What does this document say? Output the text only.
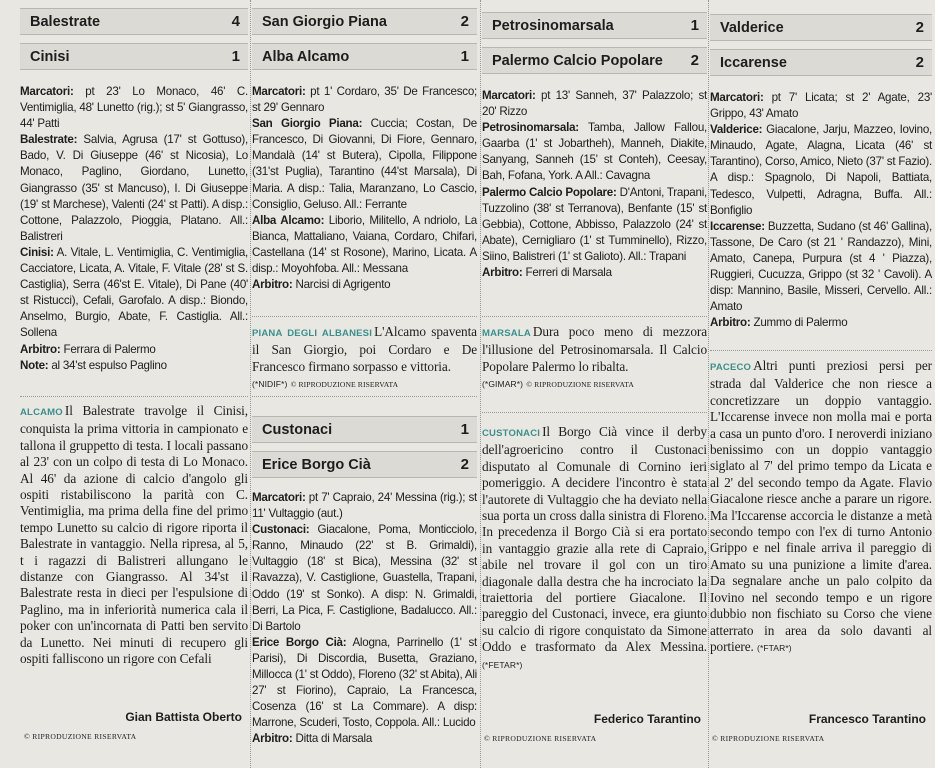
Balestrate	4
Cinisi	1

Marcatori: pt 23' Lo Monaco, 46' C. Ventimiglia, 48' Lunetto (rig.); st 5' Giangrasso, 44' Patti

Balestrate: Salvia, Agrusa (17' st Gottuso), Bado, V. Di Giuseppe (46' st Nicosia), Lo Monaco, Paglino, Giordano, Lunetto, Giangrasso (35' st Mancuso), I. Di Giuseppe (19' st Marchese), Valenti (24' st Patti). A disp.: Cottone, Palazzolo, Pioggia, Platano. All.: Balistreri

Cinisi: A. Vitale, L. Ventimiglia, C. Ventimiglia, Cacciatore, Licata, A. Vitale, F. Vitale (28' st S. Castiglia), Serra (46'st E. Vitale), Di Pane (40' st Ristucci), Cefali, Garofalo. A disp.: Biondo, Anselmo, Burgio, Abate, F. Castiglia. All.: Sollena

Arbitro: Ferrara di Palermo

Note: al 34'st espulso Paglino

ALCAMO Il Balestrate travolge il Cinisi, conquista la prima vittoria in campionato e tallona il gruppetto di testa. I locali passano al 23' con un colpo di testa di Lo Monaco. Al 46' da azione di calcio d'angolo gli ospiti ristabiliscono la parità con C. Ventimiglia, ma prima della fine del primo tempo Lunetto su calcio di rigore riporta il Balestrate in vantaggio. Nella ripresa, al 5, t i ragazzi di Balistreri allungano le distanze con Giangrasso. Al 34'st il Balestrate resta in dieci per l'espulsione di Paglino, ma in inferiorità numerica cala il poker con un'incornata di Patti ben servito da Lunetto. Nei minuti di recupero gli ospiti falliscono un rigore con Cefali

Gian Battista Oberto
© RIPRODUZIONE RISERVATA
San Giorgio Piana	2
Alba Alcamo	1

Marcatori: pt 1' Cordaro, 35' De Francesco; st 29' Gennaro

San Giorgio Piana: Cuccia; Costan, De Francesco, Di Giovanni, Di Fiore, Gennaro, Mandalà (14' st Butera), Cipolla, Filippone (31'st Puglia), Tarantino (44'st Marsala), Di Maria. A disp.: Talia, Maranzano, Lo Cascio, Consiglio, Geluso. All.: Ferrante

Alba Alcamo: Liborio, Militello, A ndriolo, La Bianca, Mattaliano, Vaiana, Cordaro, Chifari, Castellana (14' st Rosone), Marino, Licata. A disp.: Moyohfoba. All.: Messana

Arbitro: Narcisi di Agrigento

PIANA DEGLI ALBANESI L'Alcamo spaventa il San Giorgio, poi Cordaro e De Francesco firmano sorpasso e vittoria.

(*NIDIF*) © RIPRODUZIONE RISERVATA

Custonaci	1
Erice Borgo Cià	2

Marcatori: pt 7' Capraio, 24' Messina (rig.); st 11' Vultaggio (aut.)

Custonaci: Giacalone, Poma, Monticciolo, Ranno, Minaudo (22' st B. Grimaldi), Vultaggio (18' st Bica), Messina (32' st Ravazza), V. Castiglione, Guastella, Trapani, Oddo (19' st Sonko). A disp: N. Grimaldi, Berri, La Pica, F. Castiglione, Badalucco. All.: Di Bartolo

Erice Borgo Cià: Alogna, Parrinello (1' st Parisi), Di Discordia, Busetta, Graziano, Millocca (1' st Oddo), Floreno (32' st Abita), Ali 27' st Fiorino), Capraio, La Francesca, Cosenza (16' st La Commare). A disp: Marrone, Scuderi, Tosto, Coppola. All.: Lucido

Arbitro: Ditta di Marsala

Petrosinomarsala	1
Palermo Calcio Popolare 2

Marcatori: pt 13' Sanneh, 37' Palazzolo; st 20' Rizzo

Petrosinomarsala: Tamba, Jallow Fallou, Gaarba (1' st Jobartheh), Manneh, Diakite, Sanyang, Sanneh (15' st Conteh), Ceesay, Bah, Fofana, York. A All.: Cavagna

Palermo Calcio Popolare: D'Antoni, Trapani, Tuzzolino (38' st Terranova), Benfante (15' st Gebbia), Cottone, Abbisso, Palazzolo (24' st Abate), Cernigliaro (1' st Tumminello), Rizzo, Siino, Balistreri (1' st Galioto). All.: Trapani

Arbitro: Ferreri di Marsala

MARSALA Dura poco meno di mezzora l'illusione del Petrosinomarsala. Il Calcio Popolare Palermo lo ribalta.

(*GIMAR*) © RIPRODUZIONE RISERVATA

CUSTONACI Il Borgo Cià vince il derby dell'agroericino contro il Custonaci disputato al Comunale di Cornino ieri pomeriggio. A decidere l'incontro è stata l'autorete di Vultaggio che ha deviato nella sua porta un cross dalla sinistra di Floreno. In precedenza il Borgo Cià si era portato in vantaggio grazie alla rete di Capraio, abile nel trovare il gol con un tiro diagonale dalla destra che ha incrociato la traiettoria del portiere Giacalone. Il pareggio del Custonaci, invece, era giunto su calcio di rigore conquistato da Simone Oddo e trasformato da Alex Messina. (*FETAR*)

Federico Tarantino
© RIPRODUZIONE RISERVATA
Valderice	2
Iccarense	2

Marcatori: pt 7' Licata; st 2' Agate, 23' Grippo, 43' Amato

Valderice: Giacalone, Jarju, Mazzeo, Iovino, Minaudo, Agate, Alagna, Licata (46' st Tarantino), Corso, Amico, Nieto (37' st Fazio). A disp.: Spagnolo, Di Napoli, Battiata, Tedesco, Vulpetti, Adragna, Buffa. All.: Bonfiglio

Iccarense: Buzzetta, Sudano (st 46' Gallina), Tassone, De Caro (st 21 ' Randazzo), Mini, Amato, Canepa, Purpura (st 4 ' Piazza), Ruggieri, Cucuzza, Grippo (st 32 ' Cavoli). A disp: Mannino, Basile, Misseri, Cervello. All.: Amato

Arbitro: Zummo di Palermo

PACECO Altri punti preziosi persi per strada dal Valderice che non riesce a concretizzare un doppio vantaggio. L'Iccarense invece non molla mai e porta a casa un punto d'oro. I neroverdi iniziano benissimo con un doppio vantaggio siglato al 7' del primo tempo da Licata e al 2' del secondo tempo da Agate. Flavio Giacalone riesce anche a parare un rigore. Ma l'Iccarense accorcia le distanze a metà secondo tempo con l'ex di turno Antonio Grippo e nel finale arriva il pareggio di Amato su una punizione a limite d'area. Da segnalare anche un palo colpito da Iovino nel secondo tempo e un rigore dubbio non fischiato su Corso che viene atterrato in area da solo davanti al portiere. (*FTAR*)

Francesco Tarantino
© RIPRODUZIONE RISERVATA
